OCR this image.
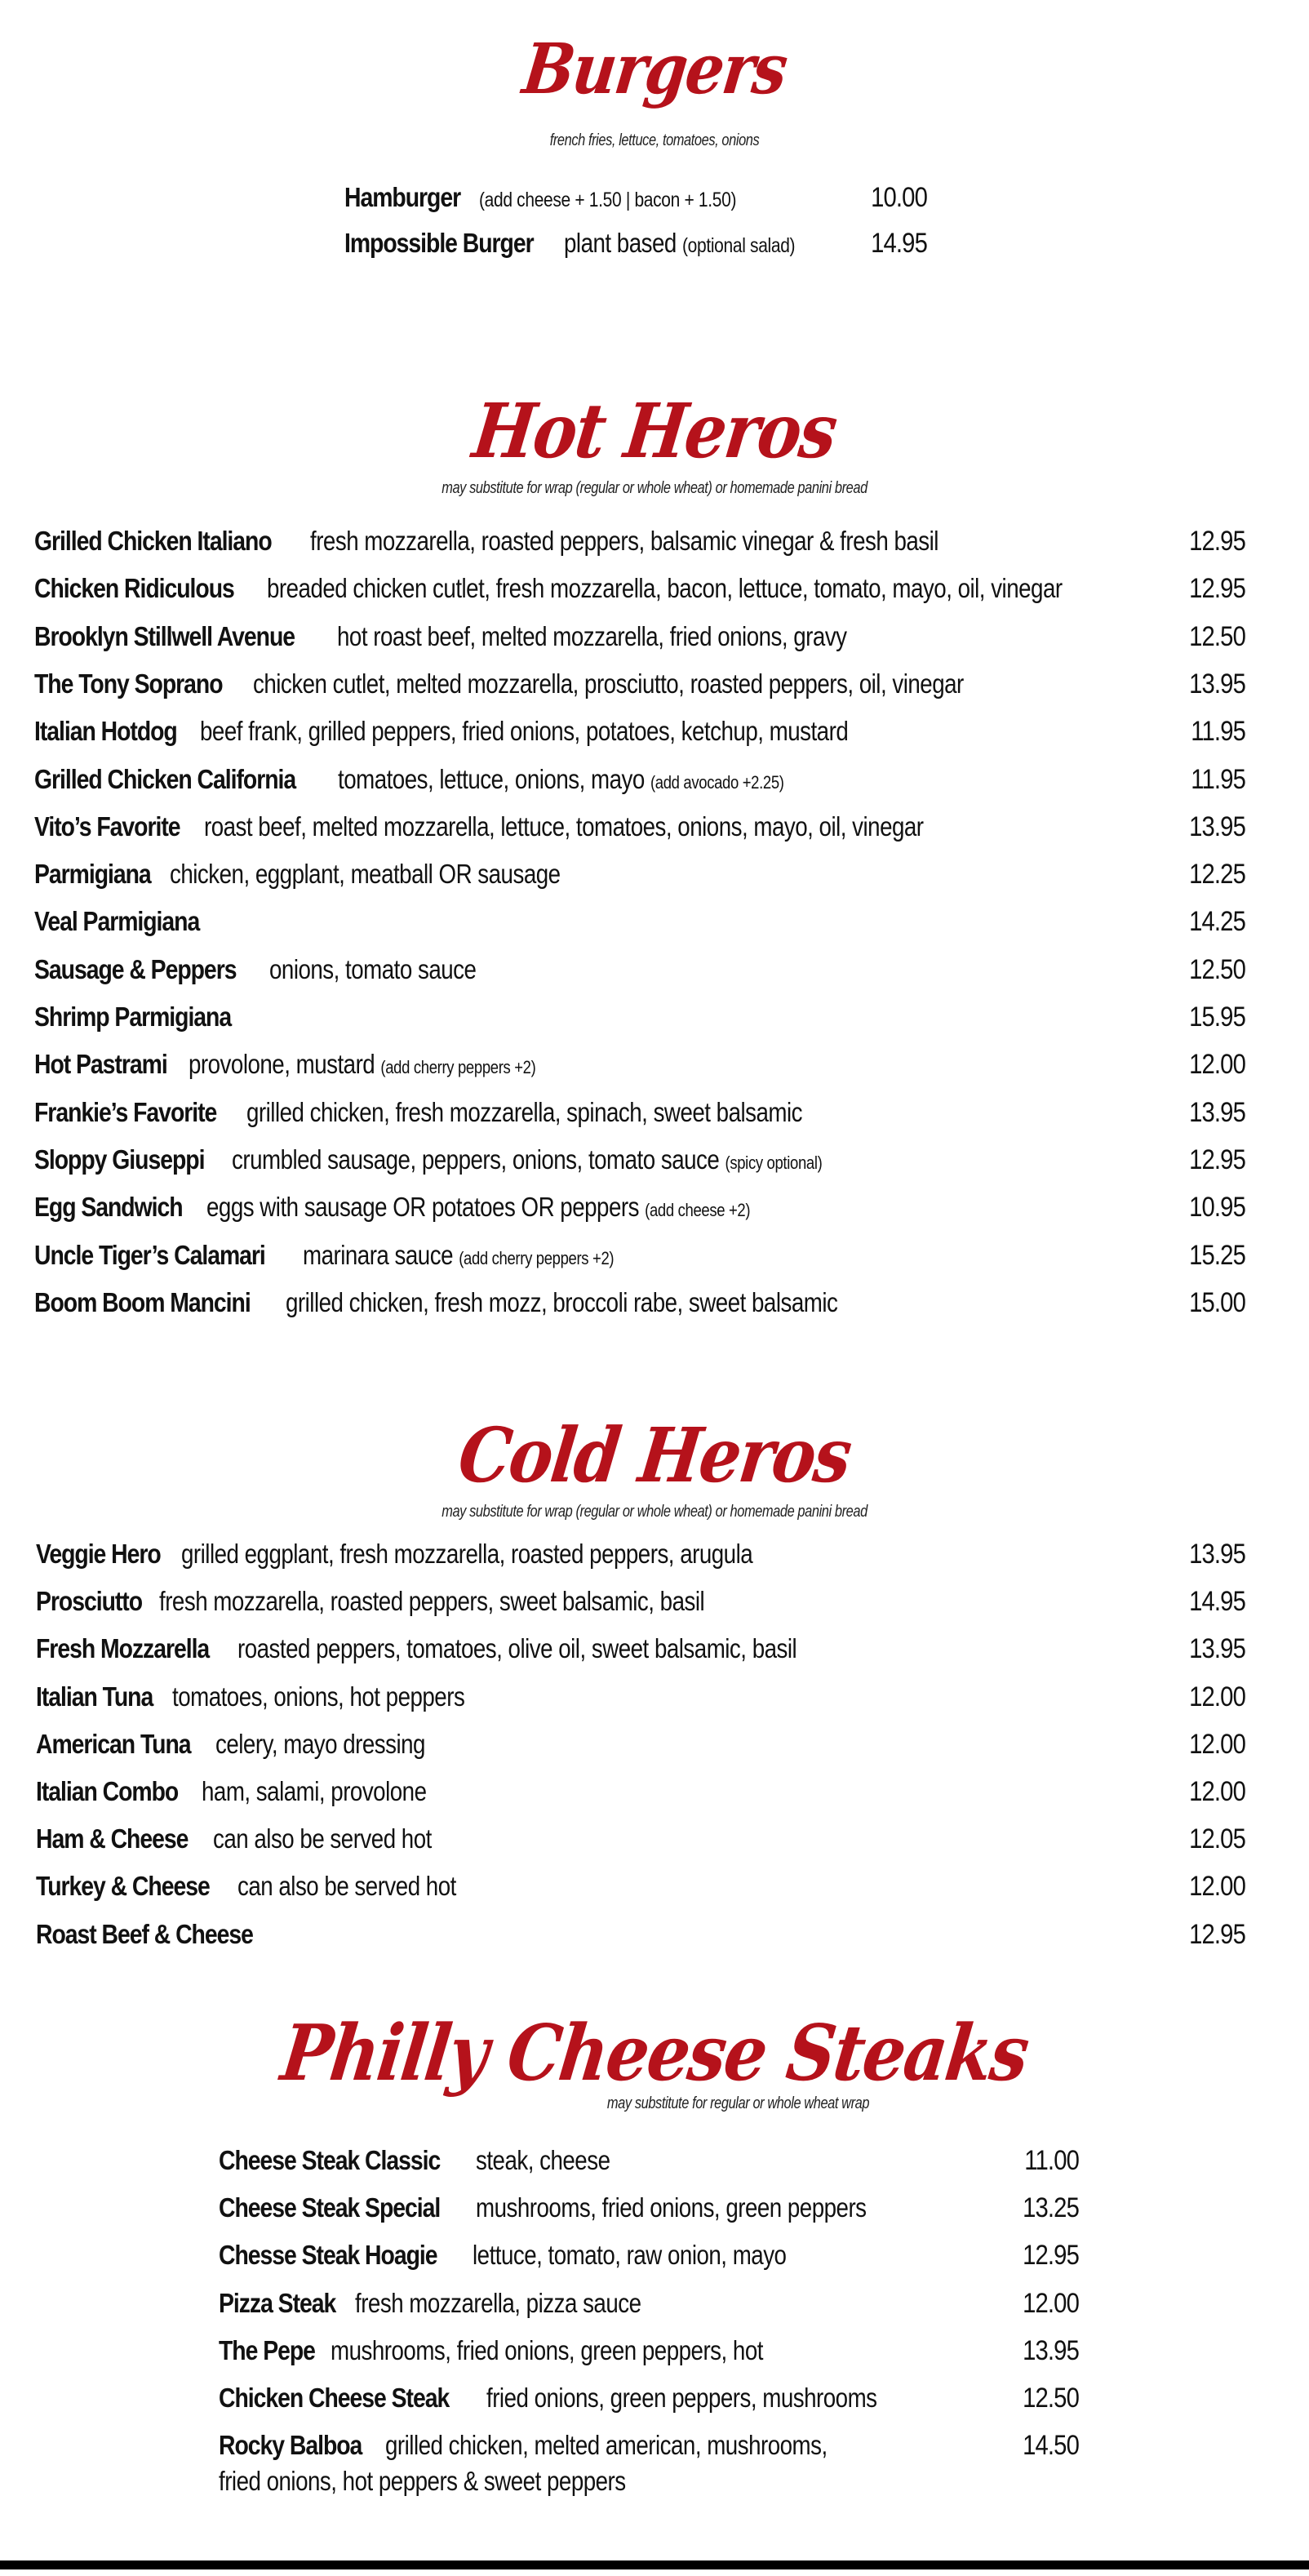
Burgers
french fries, lettuce, tomatoes, onions
Hamburger (add cheese + 1.50 | bacon + 1.50)	10.00
Impossible Burger plant based (optional salad)	14.95
Hot Heros
may substitute for wrap (regular or whole wheat) or homemade panini bread
Grilled Chicken Italiano fresh mozzarella, roasted peppers, balsamic vinegar & fresh basil	12.95
Chicken Ridiculous breaded chicken cutlet, fresh mozzarella, bacon, lettuce, tomato, mayo, oil, vinegar	12.95
Brooklyn Stillwell Avenue hot roast beef, melted mozzarella, fried onions, gravy	12.50
The Tony Soprano chicken cutlet, melted mozzarella, prosciutto, roasted peppers, oil, vinegar	13.95
Italian Hotdog beef frank, grilled peppers, fried onions, potatoes, ketchup, mustard	11.95
Grilled Chicken California tomatoes, lettuce, onions, mayo (add avocado +2.25)	11.95
Vito’s Favorite roast beef, melted mozzarella, lettuce, tomatoes, onions, mayo, oil, vinegar	13.95
Parmigiana chicken, eggplant, meatball OR sausage	12.25
Veal Parmigiana	14.25
Sausage & Peppers onions, tomato sauce	12.50
Shrimp Parmigiana	15.95
Hot Pastrami provolone, mustard (add cherry peppers +2)	12.00
Frankie’s Favorite grilled chicken, fresh mozzarella, spinach, sweet balsamic	13.95
Sloppy Giuseppi crumbled sausage, peppers, onions, tomato sauce (spicy optional)	12.95
Egg Sandwich eggs with sausage OR potatoes OR peppers (add cheese +2)	10.95
Uncle Tiger’s Calamari marinara sauce (add cherry peppers +2)	15.25
Boom Boom Mancini grilled chicken, fresh mozz, broccoli rabe, sweet balsamic	15.00
Cold Heros
may substitute for wrap (regular or whole wheat) or homemade panini bread
Veggie Hero grilled eggplant, fresh mozzarella, roasted peppers, arugula	13.95
Prosciutto fresh mozzarella, roasted peppers, sweet balsamic, basil	14.95
Fresh Mozzarella roasted peppers, tomatoes, olive oil, sweet balsamic, basil	13.95
Italian Tuna tomatoes, onions, hot peppers	12.00
American Tuna celery, mayo dressing	12.00
Italian Combo ham, salami, provolone	12.00
Ham & Cheese can also be served hot	12.05
Turkey & Cheese can also be served hot	12.00
Roast Beef & Cheese	12.95
Philly Cheese Steaks
may substitute for regular or whole wheat wrap
Cheese Steak Classic steak, cheese	11.00
Cheese Steak Special mushrooms, fried onions, green peppers	13.25
Chesse Steak Hoagie lettuce, tomato, raw onion, mayo	12.95
Pizza Steak fresh mozzarella, pizza sauce	12.00
The Pepe mushrooms, fried onions, green peppers, hot	13.95
Chicken Cheese Steak fried onions, green peppers, mushrooms	12.50
Rocky Balboa grilled chicken, melted american, mushrooms,	14.50
fried onions, hot peppers & sweet peppers
